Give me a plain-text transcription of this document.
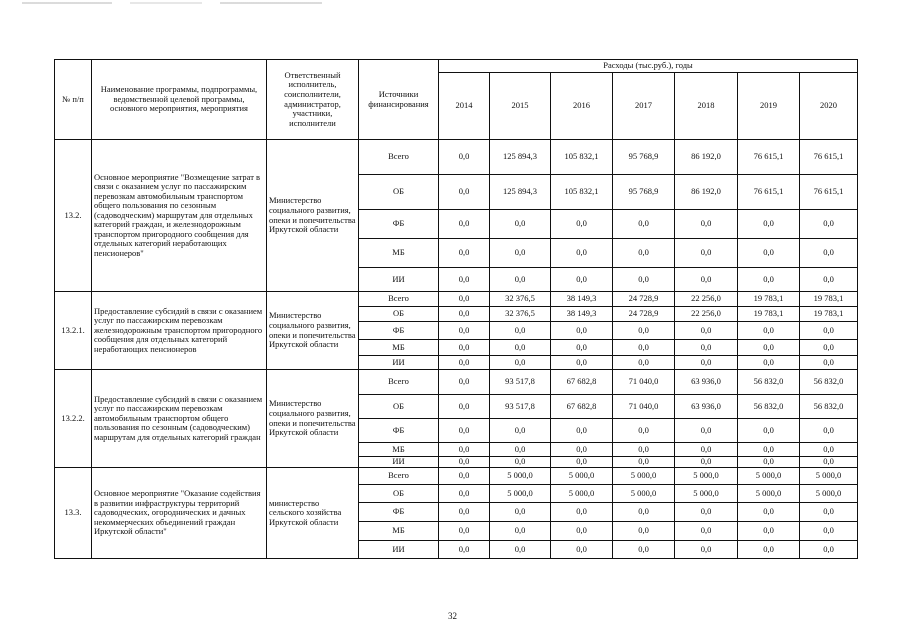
№ п/п	Наименование программы, подпрограммы, ведомственной целевой программы, основного мероприятия, мероприятия	Ответственный исполнитель, соисполнители, администратор, участники, исполнители	Источники финансирования	Расходы (тыс.руб.), годы						
				2014	2015	2016	2017	2018	2019	2020
13.2.	Основное мероприятие "Возмещение затрат в связи с оказанием услуг по пассажирским перевозкам автомобильным транспортом общего пользования по сезонным (садоводческим) маршрутам для отдельных категорий граждан, и железнодорожным транспортом пригородного сообщения для отдельных категорий неработающих пенсионеров"	Министерство социального развития, опеки и попечительства Иркутской области	Всего	0,0	125 894,3	105 832,1	95 768,9	86 192,0	76 615,1	76 615,1
			ОБ	0,0	125 894,3	105 832,1	95 768,9	86 192,0	76 615,1	76 615,1
			ФБ	0,0	0,0	0,0	0,0	0,0	0,0	0,0
			МБ	0,0	0,0	0,0	0,0	0,0	0,0	0,0
			ИИ	0,0	0,0	0,0	0,0	0,0	0,0	0,0
13.2.1.	Предоставление субсидий в связи с оказанием услуг по пассажирским перевозкам железнодорожным транспортом пригородного сообщения для отдельных категорий неработающих пенсионеров	Министерство социального развития, опеки и попечительства Иркутской области	Всего	0,0	32 376,5	38 149,3	24 728,9	22 256,0	19 783,1	19 783,1
			ОБ	0,0	32 376,5	38 149,3	24 728,9	22 256,0	19 783,1	19 783,1
			ФБ	0,0	0,0	0,0	0,0	0,0	0,0	0,0
			МБ	0,0	0,0	0,0	0,0	0,0	0,0	0,0
			ИИ	0,0	0,0	0,0	0,0	0,0	0,0	0,0
13.2.2.	Предоставление субсидий в связи с оказанием услуг по пассажирским перевозкам автомобильным транспортом общего пользования по сезонным (садоводческим) маршрутам для отдельных категорий граждан	Министерство социального развития, опеки и попечительства Иркутской области	Всего	0,0	93 517,8	67 682,8	71 040,0	63 936,0	56 832,0	56 832,0
			ОБ	0,0	93 517,8	67 682,8	71 040,0	63 936,0	56 832,0	56 832,0
			ФБ	0,0	0,0	0,0	0,0	0,0	0,0	0,0
			МБ	0,0	0,0	0,0	0,0	0,0	0,0	0,0
			ИИ	0,0	0,0	0,0	0,0	0,0	0,0	0,0
13.3.	Основное мероприятие "Оказание содействия в развитии инфраструктуры территорий садоводческих, огороднических и дачных некоммерческих объединений граждан Иркутской области"	министерство сельского хозяйства Иркутской области	Всего	0,0	5 000,0	5 000,0	5 000,0	5 000,0	5 000,0	5 000,0
			ОБ	0,0	5 000,0	5 000,0	5 000,0	5 000,0	5 000,0	5 000,0
			ФБ	0,0	0,0	0,0	0,0	0,0	0,0	0,0
			МБ	0,0	0,0	0,0	0,0	0,0	0,0	0,0
			ИИ	0,0	0,0	0,0	0,0	0,0	0,0	0,0
32
